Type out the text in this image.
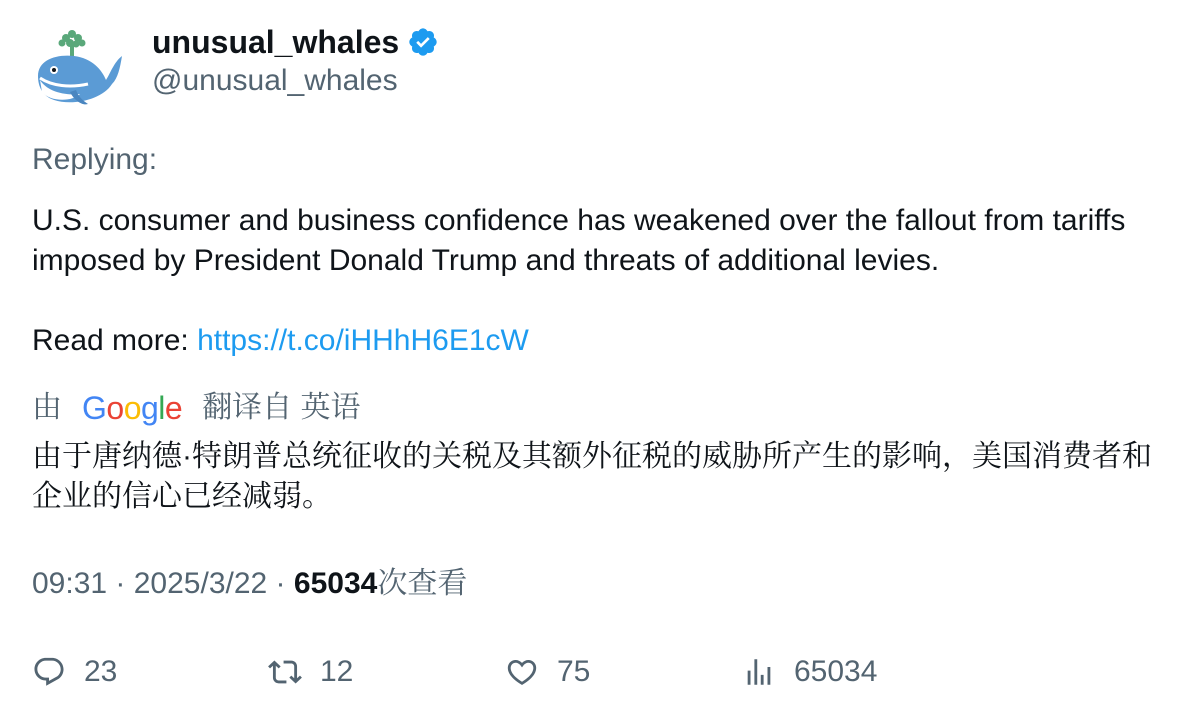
unusual_whales
@unusual_whales
Replying:

U.S. consumer and business confidence has weakened over the fallout from tariffs imposed by President Donald Trump and threats of additional levies.

Read more: https://t.co/iHHhH6E1cW

由 Google 翻译自 英语
由于唐纳德·特朗普总统征收的关税及其额外征税的威胁所产生的影响，美国消费者和企业的信心已经减弱。
09:31 · 2025/3/22 · 65034次查看
23	12	75	65034
